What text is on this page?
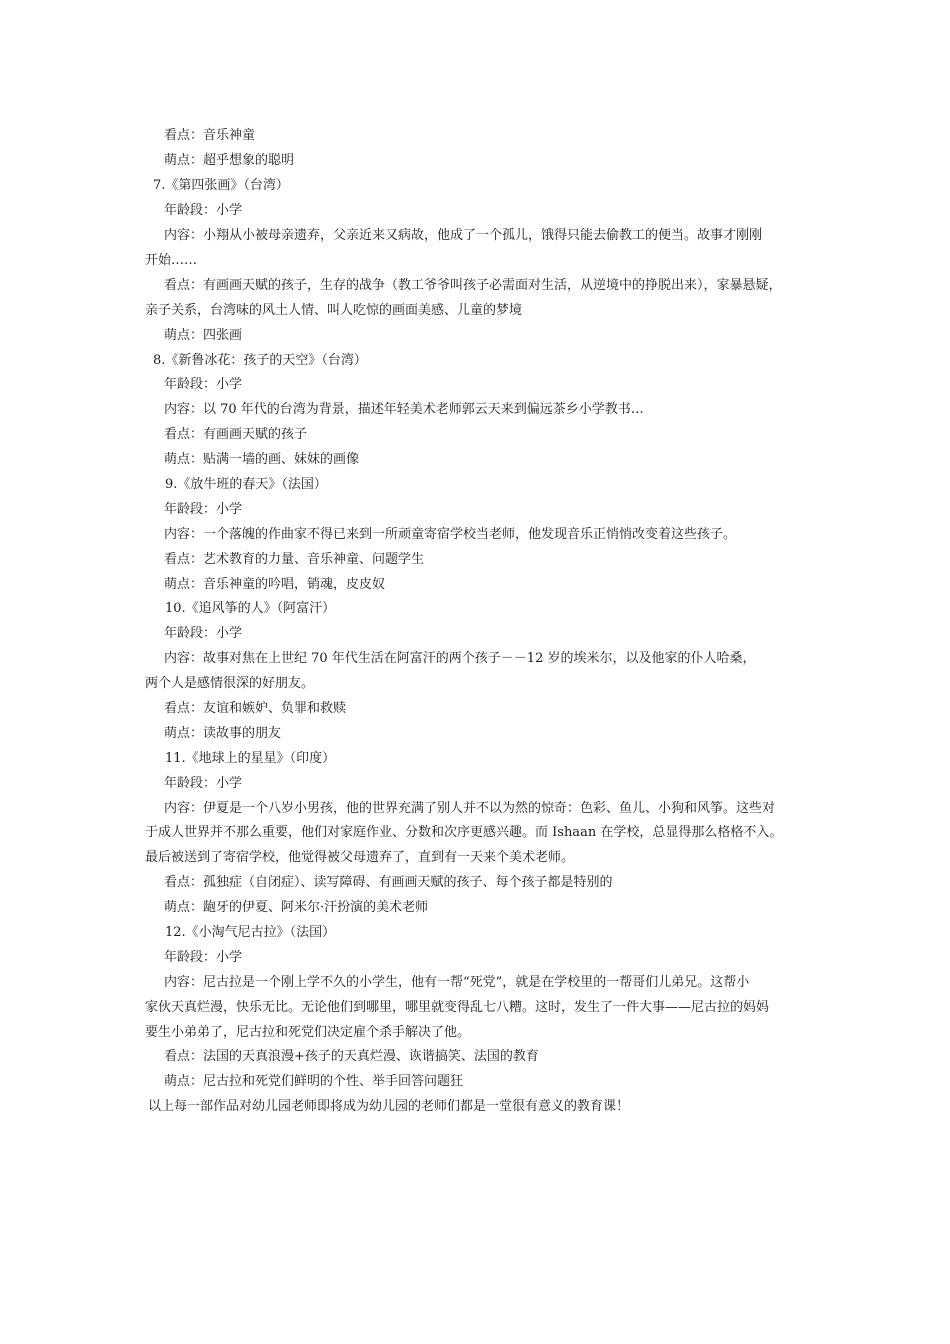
看点：音乐神童
萌点：超乎想象的聪明
7.《第四张画》（台湾）
年龄段：小学
内容：小翔从小被母亲遗弃，父亲近来又病故，他成了一个孤儿，饿得只能去偷教工的便当。故事才刚刚
开始……
看点：有画画天赋的孩子，生存的战争（教工爷爷叫孩子必需面对生活，从逆境中的挣脱出来），家暴悬疑，
亲子关系，台湾味的风土人情、叫人吃惊的画面美感、儿童的梦境
萌点：四张画
8.《新鲁冰花：孩子的天空》（台湾）
年龄段：小学
内容：以 70 年代的台湾为背景，描述年轻美术老师郭云天来到偏远茶乡小学教书…
看点：有画画天赋的孩子
萌点：贴满一墙的画、妹妹的画像
9.《放牛班的春天》（法国）
年龄段：小学
内容：一个落魄的作曲家不得已来到一所顽童寄宿学校当老师，他发现音乐正悄悄改变着这些孩子。
看点：艺术教育的力量、音乐神童、问题学生
萌点：音乐神童的吟唱，销魂，皮皮奴
10.《追风筝的人》（阿富汗）
年龄段：小学
内容：故事对焦在上世纪 70 年代生活在阿富汗的两个孩子－－12 岁的埃米尔，以及他家的仆人哈桑，
两个人是感情很深的好朋友。
看点：友谊和嫉妒、负罪和救赎
萌点：读故事的朋友
11.《地球上的星星》（印度）
年龄段：小学
内容：伊夏是一个八岁小男孩，他的世界充满了别人并不以为然的惊奇：色彩、鱼儿、小狗和风筝。这些对
于成人世界并不那么重要，他们对家庭作业、分数和次序更感兴趣。而 Ishaan 在学校，总显得那么格格不入。
最后被送到了寄宿学校，他觉得被父母遗弃了，直到有一天来个美术老师。
看点：孤独症（自闭症）、读写障碍、有画画天赋的孩子、每个孩子都是特别的
萌点：龅牙的伊夏、阿米尔·汗扮演的美术老师
12.《小淘气尼古拉》（法国）
年龄段：小学
内容：尼古拉是一个刚上学不久的小学生，他有一帮“死党”，就是在学校里的一帮哥们儿弟兄。这帮小
家伙天真烂漫，快乐无比。无论他们到哪里，哪里就变得乱七八糟。这时，发生了一件大事——尼古拉的妈妈
要生小弟弟了，尼古拉和死党们决定雇个杀手解决了他。
看点：法国的天真浪漫+孩子的天真烂漫、诙谐搞笑、法国的教育
萌点：尼古拉和死党们鲜明的个性、举手回答问题狂
以上每一部作品对幼儿园老师即将成为幼儿园的老师们都是一堂很有意义的教育课！
